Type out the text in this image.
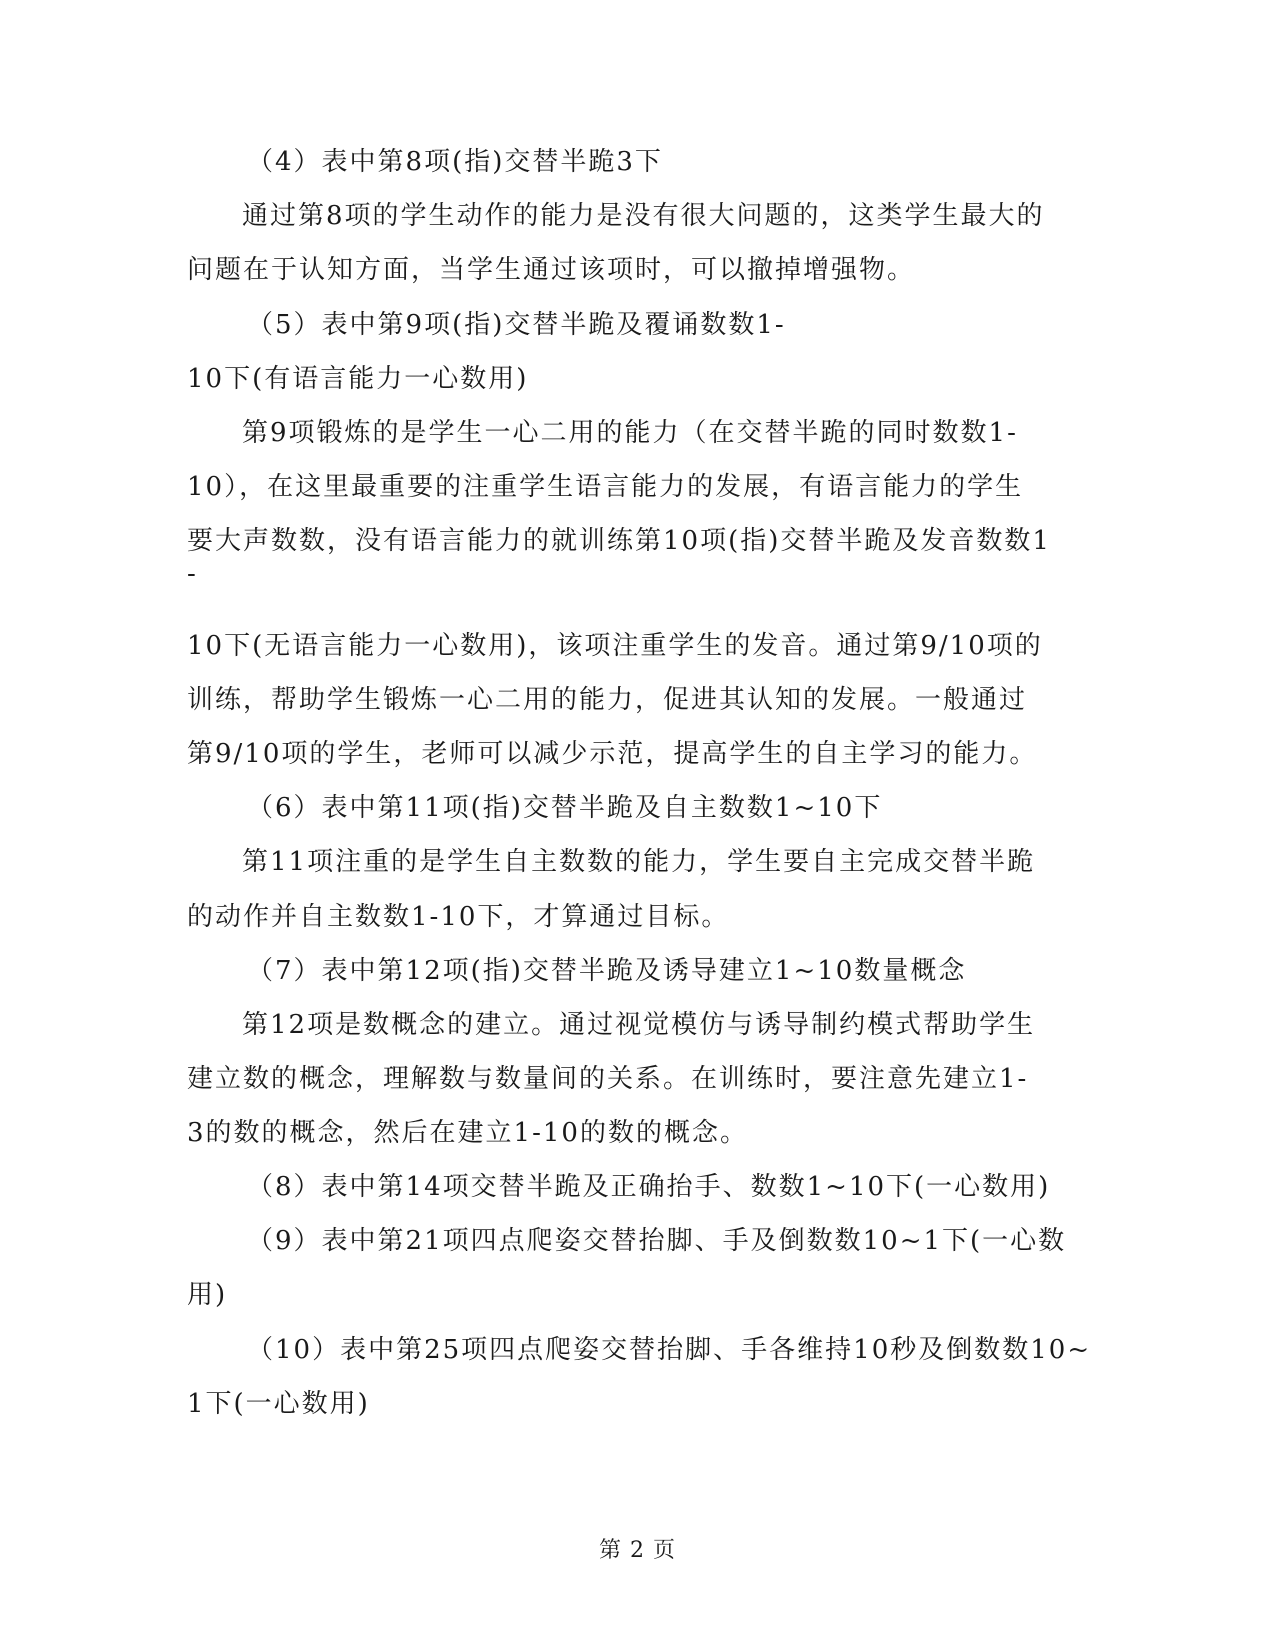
（4）表中第8项(指)交替半跪3下
通过第8项的学生动作的能力是没有很大问题的，这类学生最大的
问题在于认知方面，当学生通过该项时，可以撤掉增强物。
（5）表中第9项(指)交替半跪及覆诵数数1-
10下(有语言能力一心数用)
第9项锻炼的是学生一心二用的能力（在交替半跪的同时数数1-
10），在这里最重要的注重学生语言能力的发展，有语言能力的学生
要大声数数，没有语言能力的就训练第10项(指)交替半跪及发音数数1
-
10下(无语言能力一心数用)，该项注重学生的发音。通过第9/10项的
训练，帮助学生锻炼一心二用的能力，促进其认知的发展。一般通过
第9/10项的学生，老师可以减少示范，提高学生的自主学习的能力。
（6）表中第11项(指)交替半跪及自主数数1~10下
第11项注重的是学生自主数数的能力，学生要自主完成交替半跪
的动作并自主数数1-10下，才算通过目标。
（7）表中第12项(指)交替半跪及诱导建立1~10数量概念
第12项是数概念的建立。通过视觉模仿与诱导制约模式帮助学生
建立数的概念，理解数与数量间的关系。在训练时，要注意先建立1-
3的数的概念，然后在建立1-10的数的概念。
（8）表中第14项交替半跪及正确抬手、数数1~10下(一心数用)
（9）表中第21项四点爬姿交替抬脚、手及倒数数10~1下(一心数
用)
（10）表中第25项四点爬姿交替抬脚、手各维持10秒及倒数数10~
1下(一心数用)
第 2 页
